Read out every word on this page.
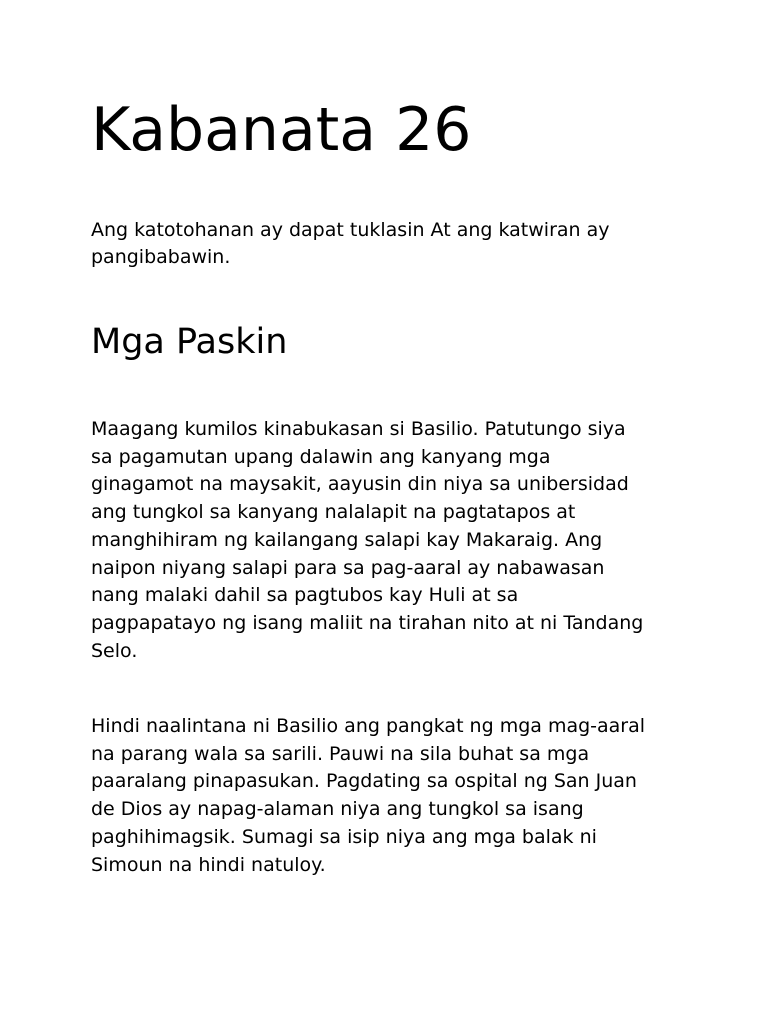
Kabanata 26

Ang katotohanan ay dapat tuklasin At ang katwiran ay pangibabawin.

Mga Paskin

Maagang kumilos kinabukasan si Basilio. Patutungo siya
sa pagamutan upang dalawin ang kanyang mga
ginagamot na maysakit, aayusin din niya sa unibersidad
ang tungkol sa kanyang nalalapit na pagtatapos at
manghihiram ng kailangang salapi kay Makaraig. Ang
naipon niyang salapi para sa pag-aaral ay nabawasan
nang malaki dahil sa pagtubos kay Huli at sa
pagpapatayo ng isang maliit na tirahan nito at ni Tandang
Selo.

Hindi naalintana ni Basilio ang pangkat ng mga mag-aaral
na parang wala sa sarili. Pauwi na sila buhat sa mga
paaralang pinapasukan. Pagdating sa ospital ng San Juan
de Dios ay napag-alaman niya ang tungkol sa isang
paghihimagsik. Sumagi sa isip niya ang mga balak ni
Simoun na hindi natuloy.
